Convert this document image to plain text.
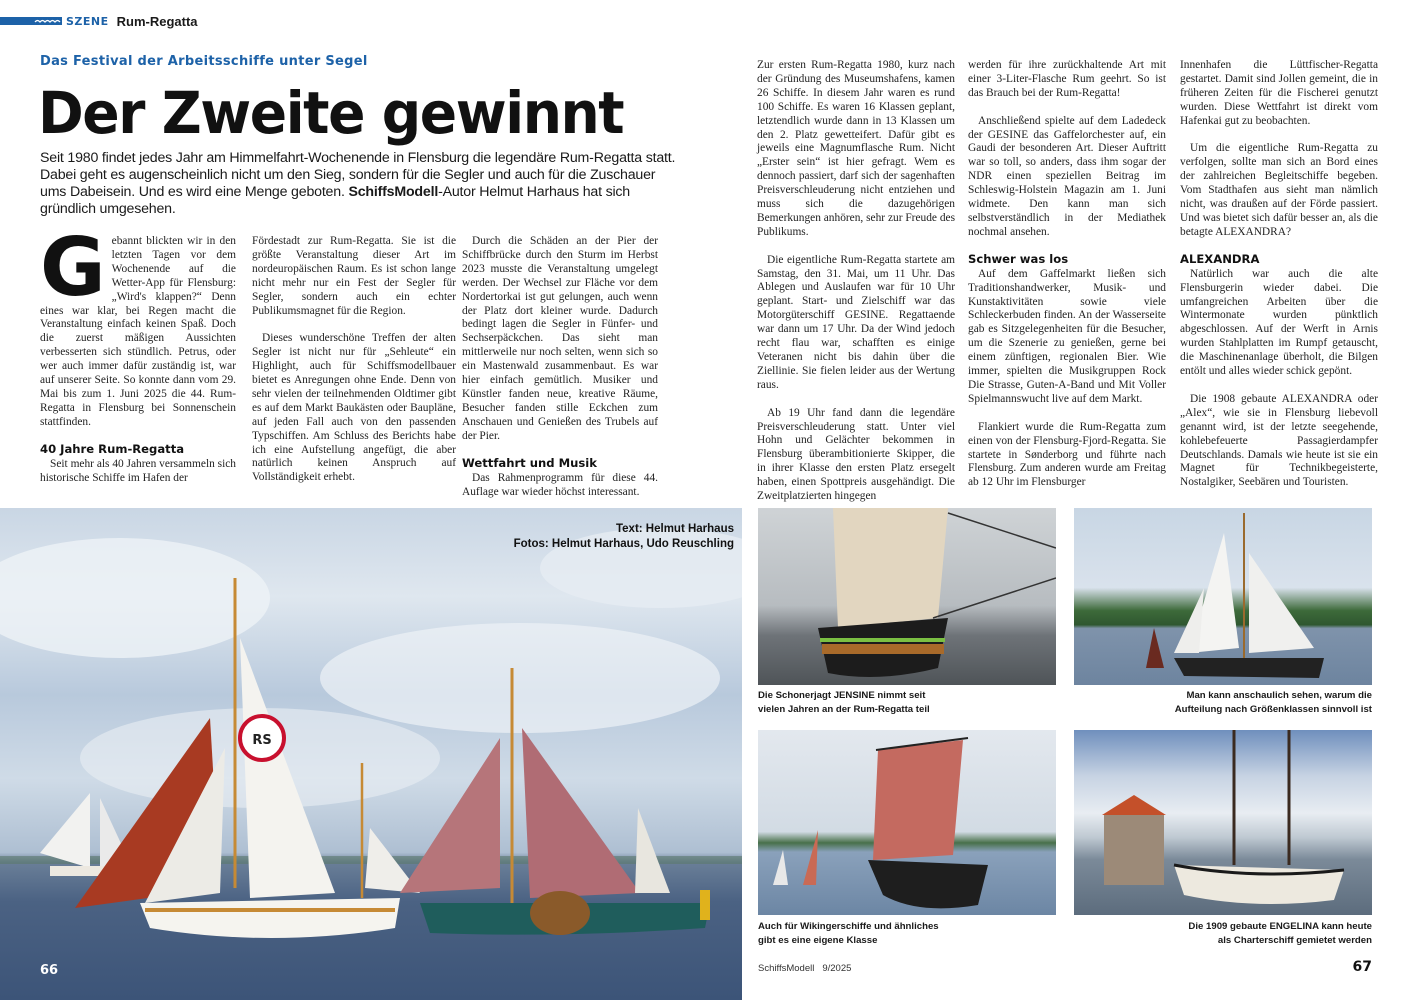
SZENE Rum-Regatta
Das Festival der Arbeitsschiffe unter Segel
Der Zweite gewinnt
Seit 1980 findet jedes Jahr am Himmelfahrt-Wochenende in Flensburg die legendäre Rum-Regatta statt. Dabei geht es augenscheinlich nicht um den Sieg, sondern für die Segler und auch für die Zuschauer ums Dabeisein. Und es wird eine Menge geboten. SchiffsModell-Autor Helmut Harhaus hat sich gründlich umgesehen.
G ebannt blickten wir in den letzten Tagen vor dem Wochenende auf die Wetter-App für Flensburg: „Wird's klappen?“ Denn eines war klar, bei Regen macht die Veranstaltung einfach keinen Spaß. Doch die zuerst mäßigen Aussichten verbesserten sich stündlich. Petrus, oder wer auch immer dafür zuständig ist, war auf unserer Seite. So konnte dann vom 29. Mai bis zum 1. Juni 2025 die 44. Rum-Regatta in Flensburg bei Sonnenschein stattfinden.

40 Jahre Rum-Regatta

Seit mehr als 40 Jahren versammeln sich historische Schiffe im Hafen der

Fördestadt zur Rum-Regatta. Sie ist die größte Veranstaltung dieser Art im nordeuropäischen Raum. Es ist schon lange nicht mehr nur ein Fest der Segler für Segler, sondern auch ein echter Publikumsmagnet für die Region.

Dieses wunderschöne Treffen der alten Segler ist nicht nur für „Sehleute“ ein Highlight, auch für Schiffsmodellbauer bietet es Anregungen ohne Ende. Denn von sehr vielen der teilnehmenden Oldtimer gibt es auf dem Markt Baukästen oder Baupläne, auf jeden Fall auch von den passenden Typschiffen. Am Schluss des Berichts habe ich eine Aufstellung angefügt, die aber natürlich keinen Anspruch auf Vollständigkeit erhebt.

Durch die Schäden an der Pier der Schiffbrücke durch den Sturm im Herbst 2023 musste die Veranstaltung umgelegt werden. Der Wechsel zur Fläche vor dem Nordertorkai ist gut gelungen, auch wenn der Platz dort kleiner wurde. Dadurch bedingt lagen die Segler in Fünfer- und Sechserpäckchen. Das sieht man mittlerweile nur noch selten, wenn sich so ein Mastenwald zusammenbaut. Es war hier einfach gemütlich. Musiker und Künstler fanden neue, kreative Räume, Besucher fanden stille Eckchen zum Anschauen und Genießen des Trubels auf der Pier.

Wettfahrt und Musik

Das Rahmenprogramm für diese 44. Auflage war wieder höchst interessant.

Zur ersten Rum-Regatta 1980, kurz nach der Gründung des Museumshafens, kamen 26 Schiffe. In diesem Jahr waren es rund 100 Schiffe. Es waren 16 Klassen geplant, letztendlich wurde dann in 13 Klassen um den 2. Platz gewetteifert. Dafür gibt es jeweils eine Magnumflasche Rum. Nicht „Erster sein“ ist hier gefragt. Wem es dennoch passiert, darf sich der sagenhaften Preisverschleuderung nicht entziehen und muss sich die dazugehörigen Bemerkungen anhören, sehr zur Freude des Publikums.

Die eigentliche Rum-Regatta startete am Samstag, den 31. Mai, um 11 Uhr. Das Ablegen und Auslaufen war für 10 Uhr geplant. Start- und Zielschiff war das Motorgüterschiff GESINE. Regattaende war dann um 17 Uhr. Da der Wind jedoch recht flau war, schafften es einige Veteranen nicht bis dahin über die Ziellinie. Sie fielen leider aus der Wertung raus.

Ab 19 Uhr fand dann die legendäre Preisverschleuderung statt. Unter viel Hohn und Gelächter bekommen in Flensburg überambitionierte Skipper, die in ihrer Klasse den ersten Platz ersegelt haben, einen Spottpreis ausgehändigt. Die Zweitplatzierten hingegen

werden für ihre zurückhaltende Art mit einer 3-Liter-Flasche Rum geehrt. So ist das Brauch bei der Rum-Regatta!

Anschließend spielte auf dem Ladedeck der GESINE das Gaffelorchester auf, ein Gaudi der besonderen Art. Dieser Auftritt war so toll, so anders, dass ihm sogar der NDR einen speziellen Beitrag im Schleswig-Holstein Magazin am 1. Juni widmete. Den kann man sich selbstverständlich in der Mediathek nochmal ansehen.

Schwer was los

Auf dem Gaffelmarkt ließen sich Traditionshandwerker, Musik- und Kunstaktivitäten sowie viele Schleckerbuden finden. An der Wasserseite gab es Sitzgelegenheiten für die Besucher, um die Szenerie zu genießen, gerne bei einem zünftigen, regionalen Bier. Wie immer, spielten die Musikgruppen Rock Die Strasse, Guten-A-Band und Mit Voller Spielmannswucht live auf dem Markt.

Flankiert wurde die Rum-Regatta zum einen von der Flensburg-Fjord-Regatta. Sie startete in Sønderborg und führte nach Flensburg. Zum anderen wurde am Freitag ab 12 Uhr im Flensburger

Innenhafen die Lüttfischer-Regatta gestartet. Damit sind Jollen gemeint, die in früheren Zeiten für die Fischerei genutzt wurden. Diese Wettfahrt ist direkt vom Hafenkai gut zu beobachten.

Um die eigentliche Rum-Regatta zu verfolgen, sollte man sich an Bord eines der zahlreichen Begleitschiffe begeben. Vom Stadthafen aus sieht man nämlich nicht, was draußen auf der Förde passiert. Und was bietet sich dafür besser an, als die betagte ALEXANDRA?

ALEXANDRA

Natürlich war auch die alte Flensburgerin wieder dabei. Die umfangreichen Arbeiten über die Wintermonate wurden pünktlich abgeschlossen. Auf der Werft in Arnis wurden Stahlplatten im Rumpf getauscht, die Maschinenanlage überholt, die Bilgen entölt und alles wieder schick gepönt.

Die 1908 gebaute ALEXANDRA oder „Alex“, wie sie in Flensburg liebevoll genannt wird, ist der letzte seegehende, kohlebefeuerte Passagierdampfer Deutschlands. Damals wie heute ist sie ein Magnet für Technikbegeisterte, Nostalgiker, Seebären und Touristen.

RS
Text: Helmut Harhaus
Fotos: Helmut Harhaus, Udo Reuschling
66
Die Schonerjagt JENSINE nimmt seit
vielen Jahren an der Rum-Regatta teil
Man kann anschaulich sehen, warum die
Aufteilung nach Größenklassen sinnvoll ist
Auch für Wikingerschiffe und ähnliches
gibt es eine eigene Klasse
Die 1909 gebaute ENGELINA kann heute
als Charterschiff gemietet werden
SchiffsModell 9/2025	67
